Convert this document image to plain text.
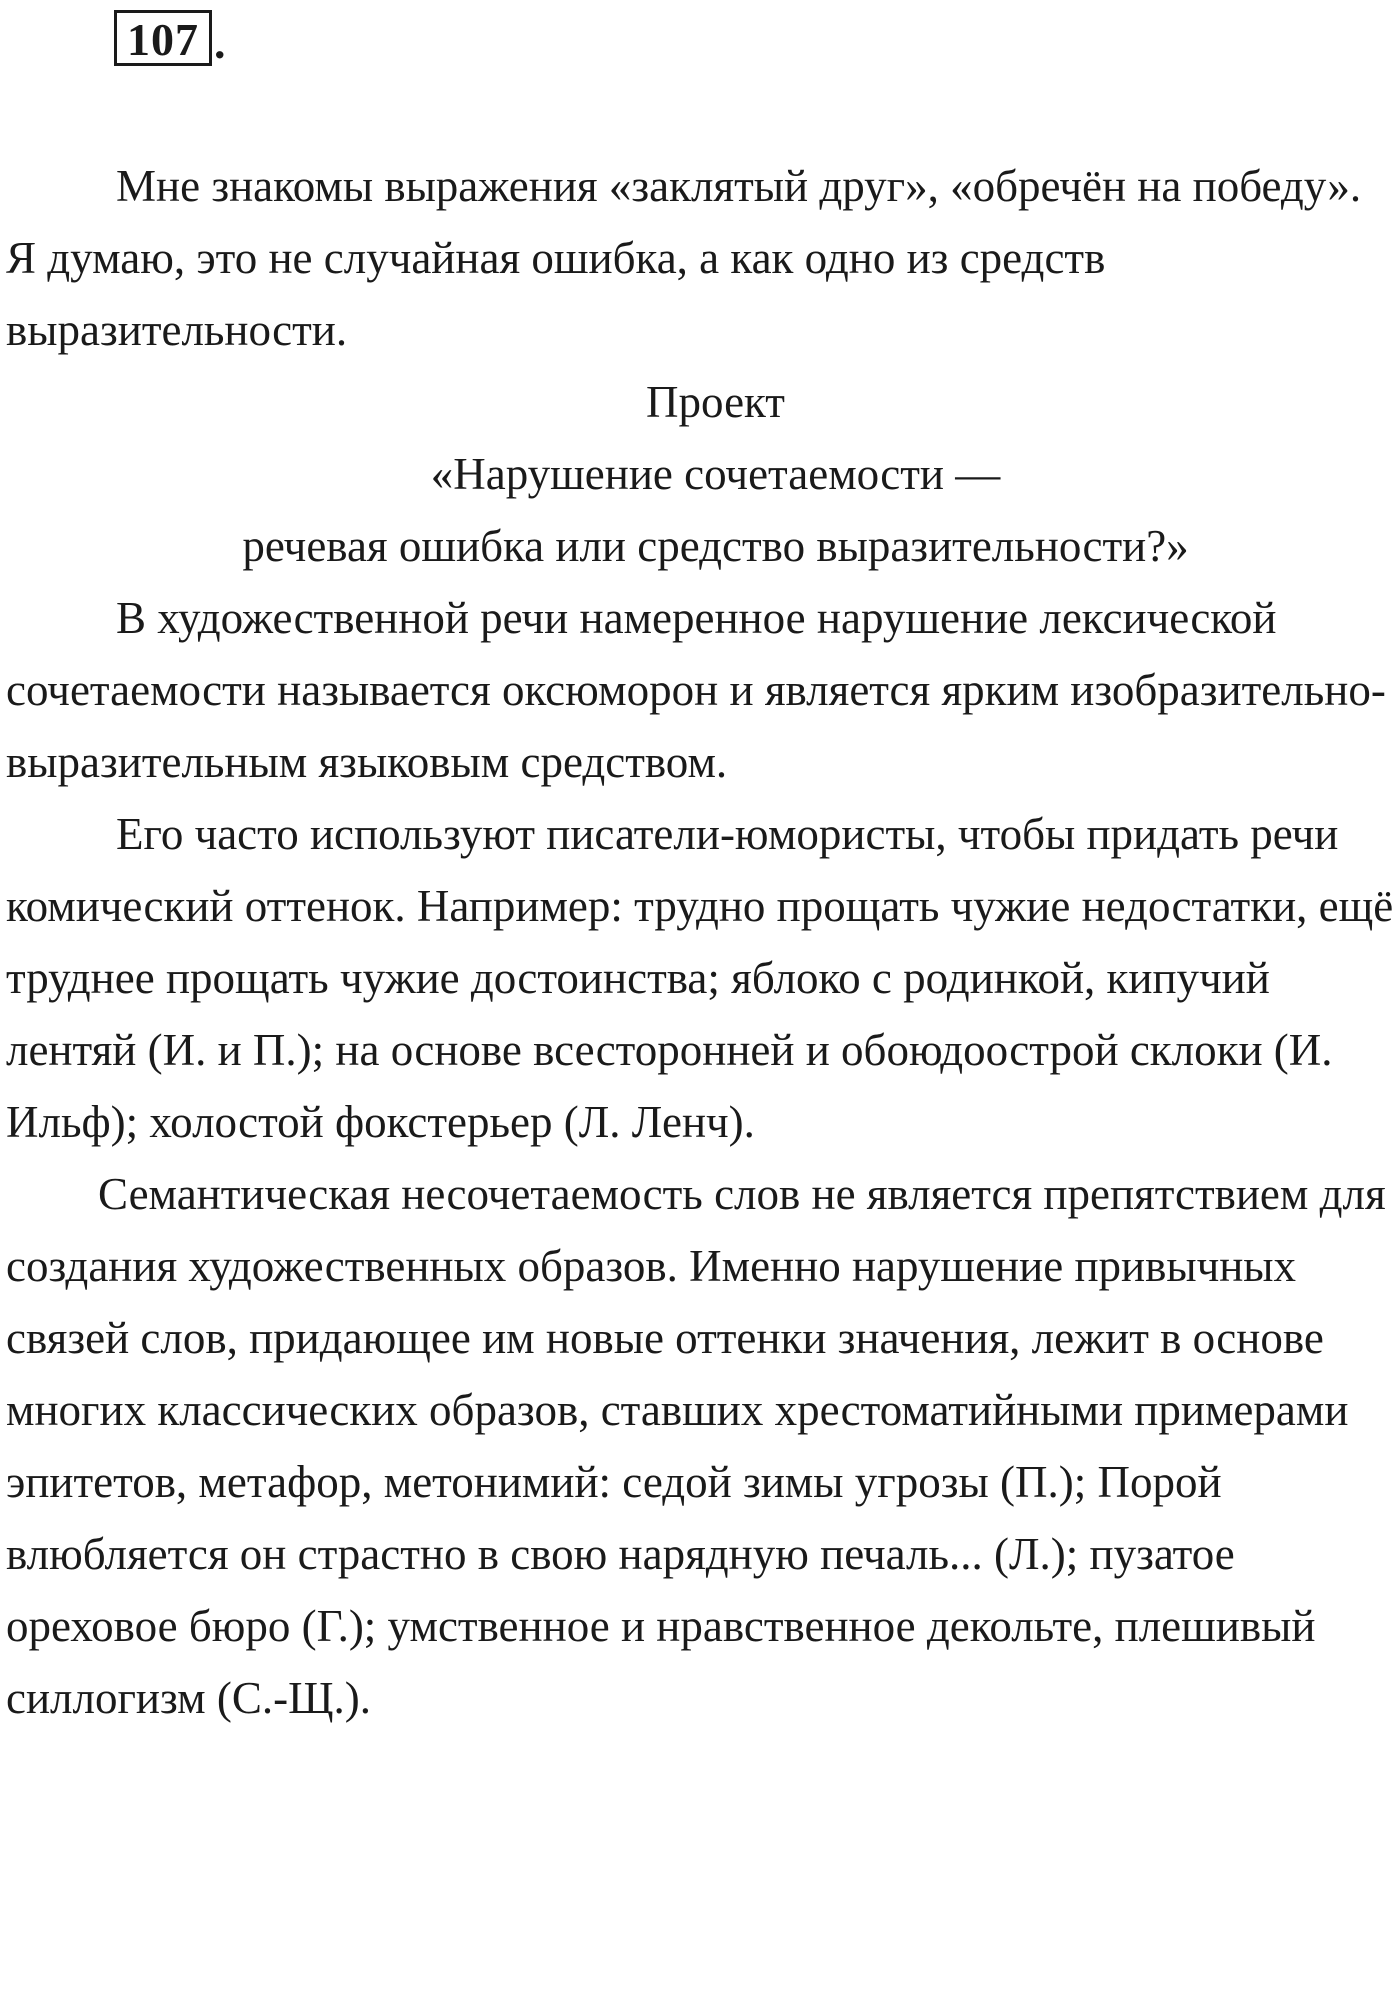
107 .

Мне знакомы выражения «заклятый друг», «обречён на победу». Я думаю, это не случайная ошибка, а как одно из средств выразительности.

Проект

«Нарушение сочетаемости —

речевая ошибка или средство выразительности?»

В художественной речи намеренное нарушение лексической сочетаемости называется оксюморон и является ярким изобразительно-выразительным языковым средством.

Его часто используют писатели-юмористы, чтобы придать речи комический оттенок. Например: трудно прощать чужие недостатки, ещё труднее прощать чужие достоинства; яблоко с родинкой, кипучий лентяй (И. и П.); на основе всесторонней и обоюдоострой склоки (И. Ильф); холостой фокстерьер (Л. Ленч).

Семантическая несочетаемость слов не является препятствием для создания художественных образов. Именно нарушение привычных связей слов, придающее им новые оттенки значения, лежит в основе многих классических образов, ставших хрестоматийными примерами эпитетов, метафор, метонимий: седой зимы угрозы (П.); Порой влюбляется он страстно в свою нарядную печаль... (Л.); пузатое ореховое бюро (Г.); умственное и нравственное декольте, плешивый силлогизм (С.-Щ.).
